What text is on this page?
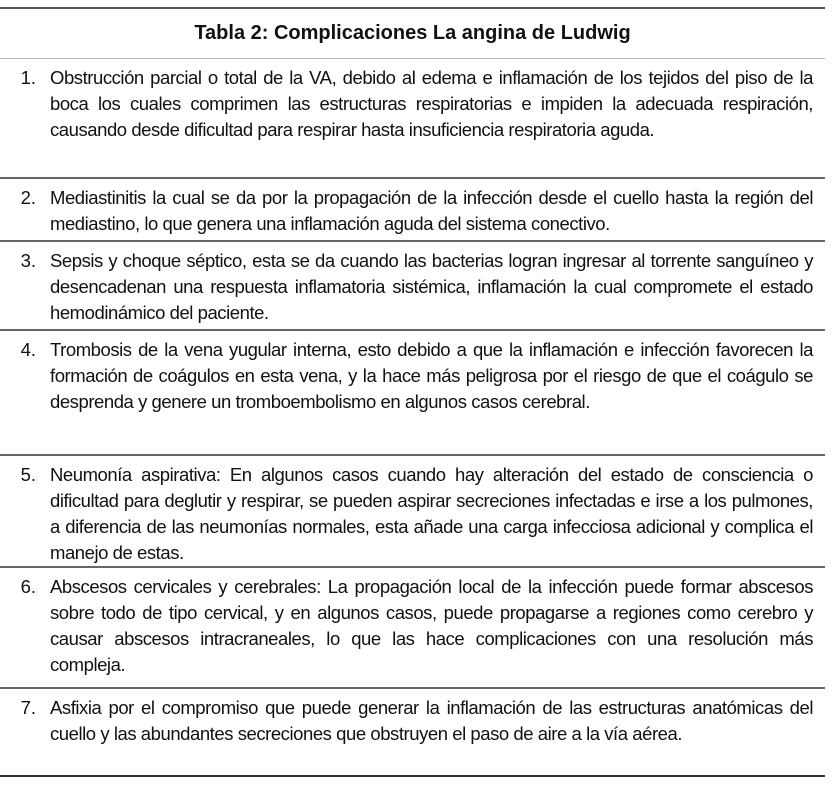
Tabla 2: Complicaciones La angina de Ludwig
1. Obstrucción parcial o total de la VA, debido al edema e inflamación de los tejidos del piso de la boca los cuales comprimen las estructuras respiratorias e impiden la adecuada respiración, causando desde dificultad para respirar hasta insuficiencia respiratoria aguda.
2. Mediastinitis la cual se da por la propagación de la infección desde el cuello hasta la región del mediastino, lo que genera una inflamación aguda del sistema conectivo.
3. Sepsis y choque séptico, esta se da cuando las bacterias logran ingresar al torrente sanguíneo y desencadenan una respuesta inflamatoria sistémica, inflamación la cual compromete el estado hemodinámico del paciente.
4. Trombosis de la vena yugular interna, esto debido a que la inflamación e infección favorecen la formación de coágulos en esta vena, y la hace más peligrosa por el riesgo de que el coágulo se desprenda y genere un tromboembolismo en algunos casos cerebral.
5. Neumonía aspirativa: En algunos casos cuando hay alteración del estado de consciencia o dificultad para deglutir y respirar, se pueden aspirar secreciones infectadas e irse a los pulmones, a diferencia de las neumonías normales, esta añade una carga infecciosa adicional y complica el manejo de estas.
6. Abscesos cervicales y cerebrales: La propagación local de la infección puede formar abscesos sobre todo de tipo cervical, y en algunos casos, puede propagarse a regiones como cerebro y causar abscesos intracraneales, lo que las hace complicaciones con una resolución más compleja.
7. Asfixia por el compromiso que puede generar la inflamación de las estructuras anatómicas del cuello y las abundantes secreciones que obstruyen el paso de aire a la vía aérea.
